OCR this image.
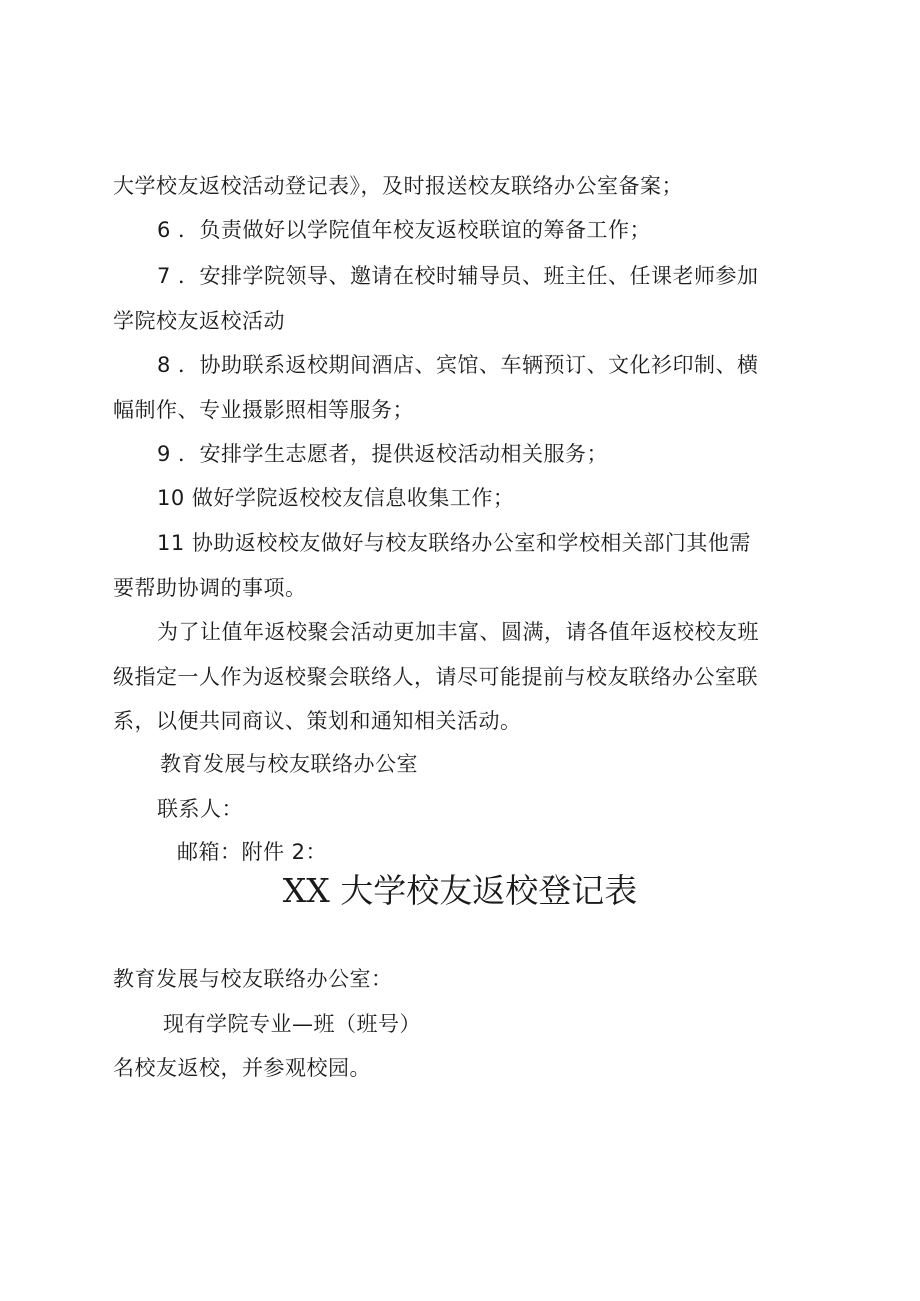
大学校友返校活动登记表》，及时报送校友联络办公室备案；
6 ．负责做好以学院值年校友返校联谊的筹备工作；
7 ．安排学院领导、邀请在校时辅导员、班主任、任课老师参加
学院校友返校活动
8 ．协助联系返校期间酒店、宾馆、车辆预订、文化衫印制、横
幅制作、专业摄影照相等服务；
9 ．安排学生志愿者，提供返校活动相关服务；
10 做好学院返校校友信息收集工作；
11 协助返校校友做好与校友联络办公室和学校相关部门其他需
要帮助协调的事项。
为了让值年返校聚会活动更加丰富、圆满，请各值年返校校友班
级指定一人作为返校聚会联络人，请尽可能提前与校友联络办公室联
系，以便共同商议、策划和通知相关活动。
教育发展与校友联络办公室
联系人：
邮箱：附件 2：
XX 大学校友返校登记表
教育发展与校友联络办公室：
现有学院专业—班（班号）
名校友返校，并参观校园。
